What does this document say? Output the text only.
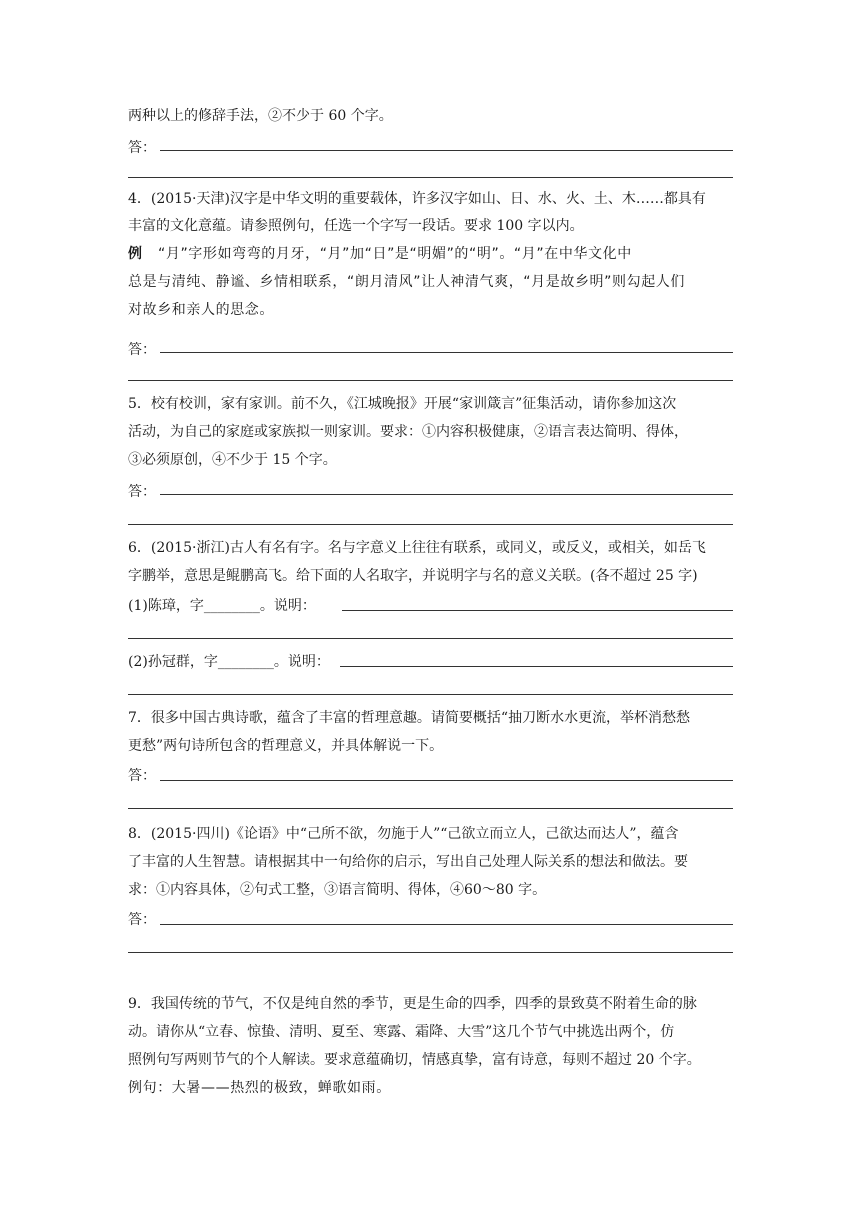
两种以上的修辞手法，②不少于 60 个字。
答：
4．(2015·天津)汉字是中华文明的重要载体，许多汉字如山、日、水、火、土、木……都具有
丰富的文化意蕴。请参照例句，任选一个字写一段话。要求 100 字以内。
例 “月”字形如弯弯的月牙，“月”加“日”是“明媚”的“明”。“月”在中华文化中
总是与清纯、静谧、乡情相联系，“朗月清风”让人神清气爽，“月是故乡明”则勾起人们
对故乡和亲人的思念。
答：
5．校有校训，家有家训。前不久，《江城晚报》开展“家训箴言”征集活动，请你参加这次
活动，为自己的家庭或家族拟一则家训。要求：①内容积极健康，②语言表达简明、得体，
③必须原创，④不少于 15 个字。
答：
6．(2015·浙江)古人有名有字。名与字意义上往往有联系，或同义，或反义，或相关，如岳飞
字鹏举，意思是鲲鹏高飞。给下面的人名取字，并说明字与名的意义关联。(各不超过 25 字)
(1)陈璋，字________。说明：
(2)孙冠群，字________。说明：
7．很多中国古典诗歌，蕴含了丰富的哲理意趣。请简要概括“抽刀断水水更流，举杯消愁愁
更愁”两句诗所包含的哲理意义，并具体解说一下。
答：
8．(2015·四川)《论语》中“己所不欲，勿施于人”“己欲立而立人，己欲达而达人”，蕴含
了丰富的人生智慧。请根据其中一句给你的启示，写出自己处理人际关系的想法和做法。要
求：①内容具体，②句式工整，③语言简明、得体，④60～80 字。
答：
9．我国传统的节气，不仅是纯自然的季节，更是生命的四季，四季的景致莫不附着生命的脉
动。请你从“立春、惊蛰、清明、夏至、寒露、霜降、大雪”这几个节气中挑选出两个，仿
照例句写两则节气的个人解读。要求意蕴确切，情感真挚，富有诗意，每则不超过 20 个字。
例句：大暑——热烈的极致，蝉歌如雨。
